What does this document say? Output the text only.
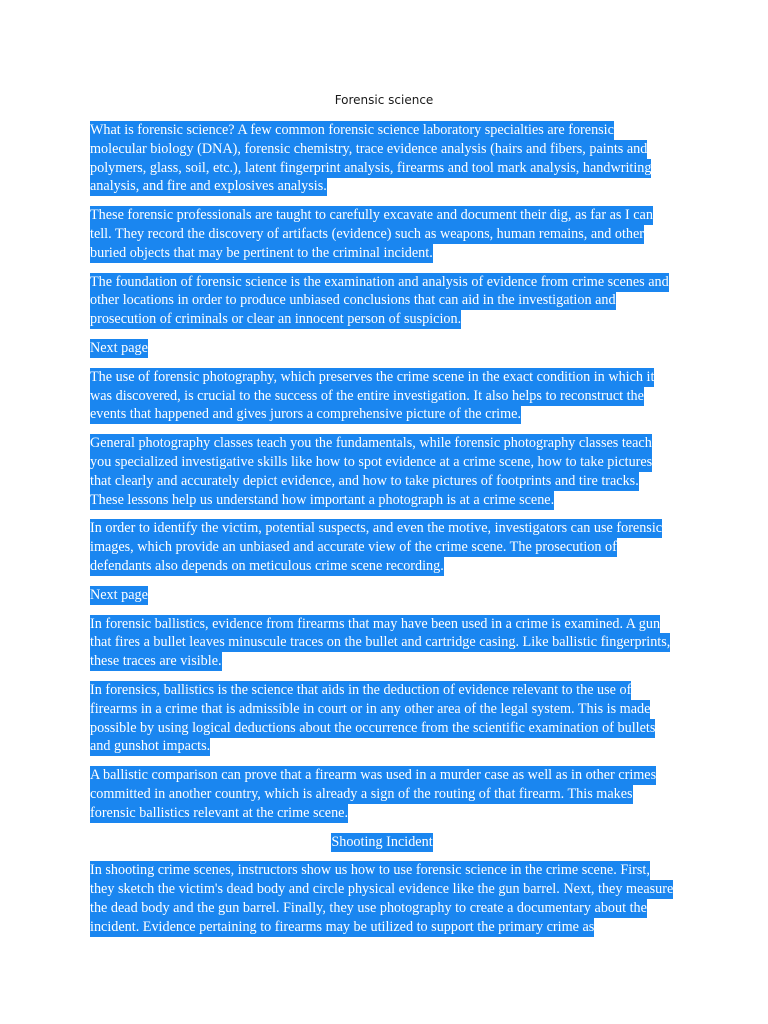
Forensic science

What is forensic science? A few common forensic science laboratory specialties are forensic molecular biology (DNA), forensic chemistry, trace evidence analysis (hairs and fibers, paints and polymers, glass, soil, etc.), latent fingerprint analysis, firearms and tool mark analysis, handwriting analysis, and fire and explosives analysis.

These forensic professionals are taught to carefully excavate and document their dig, as far as I can tell. They record the discovery of artifacts (evidence) such as weapons, human remains, and other buried objects that may be pertinent to the criminal incident.

The foundation of forensic science is the examination and analysis of evidence from crime scenes and other locations in order to produce unbiased conclusions that can aid in the investigation and prosecution of criminals or clear an innocent person of suspicion.

Next page

The use of forensic photography, which preserves the crime scene in the exact condition in which it was discovered, is crucial to the success of the entire investigation. It also helps to reconstruct the events that happened and gives jurors a comprehensive picture of the crime.

General photography classes teach you the fundamentals, while forensic photography classes teach you specialized investigative skills like how to spot evidence at a crime scene, how to take pictures that clearly and accurately depict evidence, and how to take pictures of footprints and tire tracks. These lessons help us understand how important a photograph is at a crime scene.

In order to identify the victim, potential suspects, and even the motive, investigators can use forensic images, which provide an unbiased and accurate view of the crime scene. The prosecution of defendants also depends on meticulous crime scene recording.

Next page

In forensic ballistics, evidence from firearms that may have been used in a crime is examined. A gun that fires a bullet leaves minuscule traces on the bullet and cartridge casing. Like ballistic fingerprints, these traces are visible.

In forensics, ballistics is the science that aids in the deduction of evidence relevant to the use of firearms in a crime that is admissible in court or in any other area of the legal system. This is made possible by using logical deductions about the occurrence from the scientific examination of bullets and gunshot impacts.

A ballistic comparison can prove that a firearm was used in a murder case as well as in other crimes committed in another country, which is already a sign of the routing of that firearm. This makes forensic ballistics relevant at the crime scene.

Shooting Incident

In shooting crime scenes, instructors show us how to use forensic science in the crime scene. First, they sketch the victim's dead body and circle physical evidence like the gun barrel. Next, they measure the dead body and the gun barrel. Finally, they use photography to create a documentary about the incident. Evidence pertaining to firearms may be utilized to support the primary crime as
